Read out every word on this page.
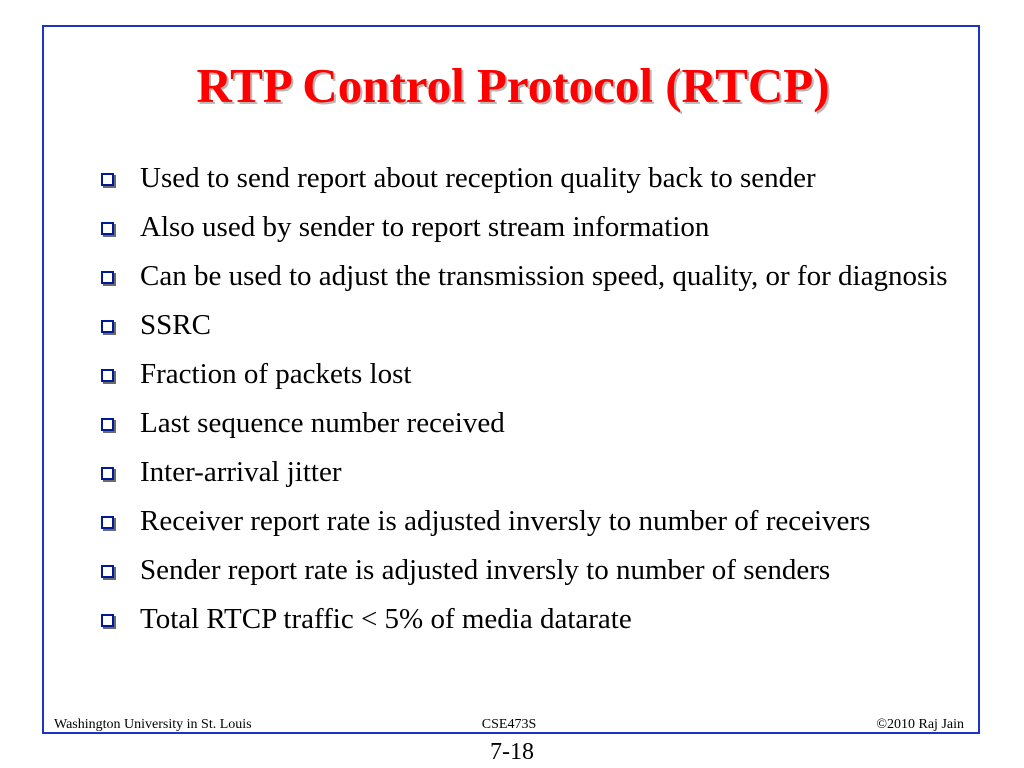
RTP Control Protocol (RTCP)
Used to send report about reception quality back to sender
Also used by sender to report stream information
Can be used to adjust the transmission speed, quality, or for diagnosis
SSRC
Fraction of packets lost
Last sequence number received
Inter-arrival jitter
Receiver report rate is adjusted inversly to number of receivers
Sender report rate is adjusted inversly to number of senders
Total RTCP traffic < 5% of media datarate
Washington University in St. Louis	CSE473S	©2010 Raj Jain
7-18
